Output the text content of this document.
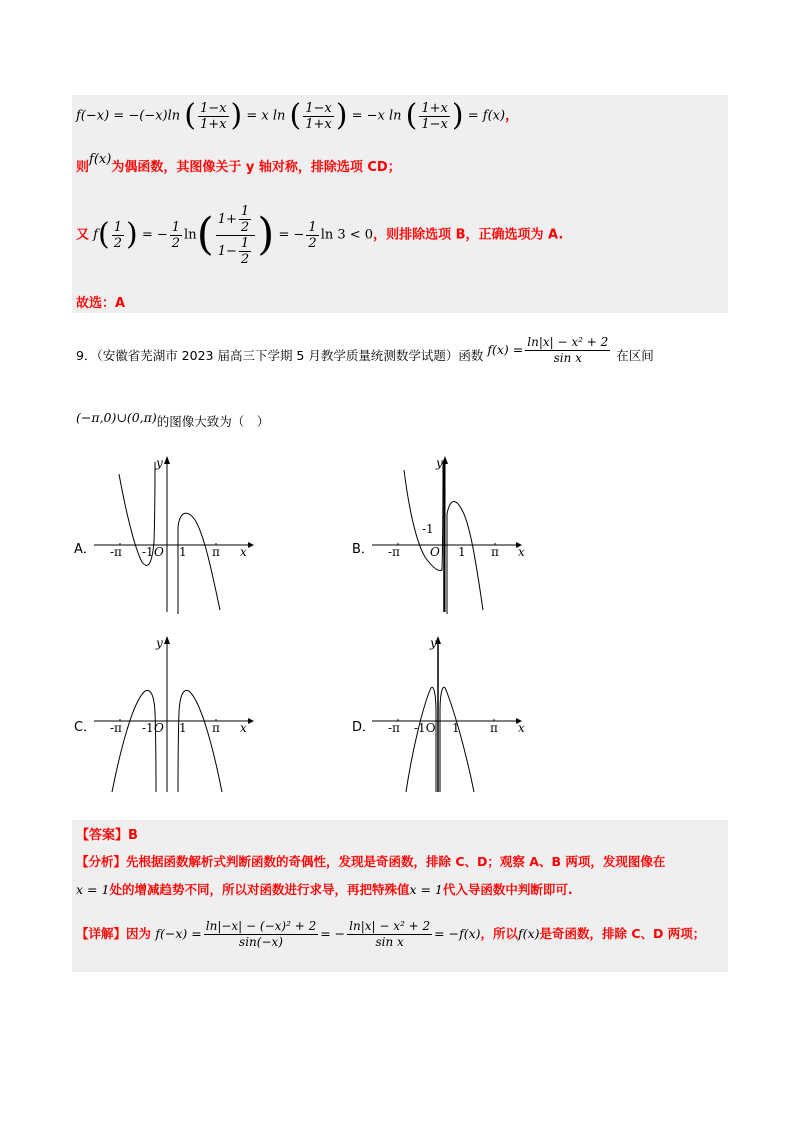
f(−x) = −(−x)ln ( $\frac{1-x}{1+x}$ ) = x ln ( $\frac{1-x}{1+x}$ ) = −x ln ( $\frac{1+x}{1-x}$ ) = f(x)，
则f(x)为偶函数，其图像关于 y 轴对称，排除选项 CD；
又 $f( \frac{1}{2}$ ) = − $\frac{1}{2} \ln( \frac{1+ \frac{1}{2}}{1- \frac{1}{2}}$ ) = − $\frac{1}{2}$ ln 3 < 0，则排除选项 B，正确选项为 A.
故选：A
9．（安徽省芜湖市 2023 届高三下学期 5 月教学质量统测数学试题）函数 $f(x) = \frac{\text{ln|x| − x² + 2}}{\text{sin x}}$ 在区间
(−π,0)∪(0,π)的图像大致为（　）
A．	B．
C．	D．
y
x
-π -1 O 1 π
y
x
-π
-1
O 1 π
y
x
-π -1 O 1 π
y
x
-π -1O 1	π
【答案】B
【分析】先根据函数解析式判断函数的奇偶性，发现是奇函数，排除 C、D；观察 A、B 两项，发现图像在
x = 1处的增减趋势不同，所以对函数进行求导，再把特殊值x = 1代入导函数中判断即可.
【详解】因为 $f(-x) = \frac{\text{ln|−x| − (−x)² + 2}}{\sin(-x)}$ = − $\frac{\text{ln|x| − x² + 2}}{\text{sin x}} = -f(x)$，所以f(x)是奇函数，排除 C、D 两项；
